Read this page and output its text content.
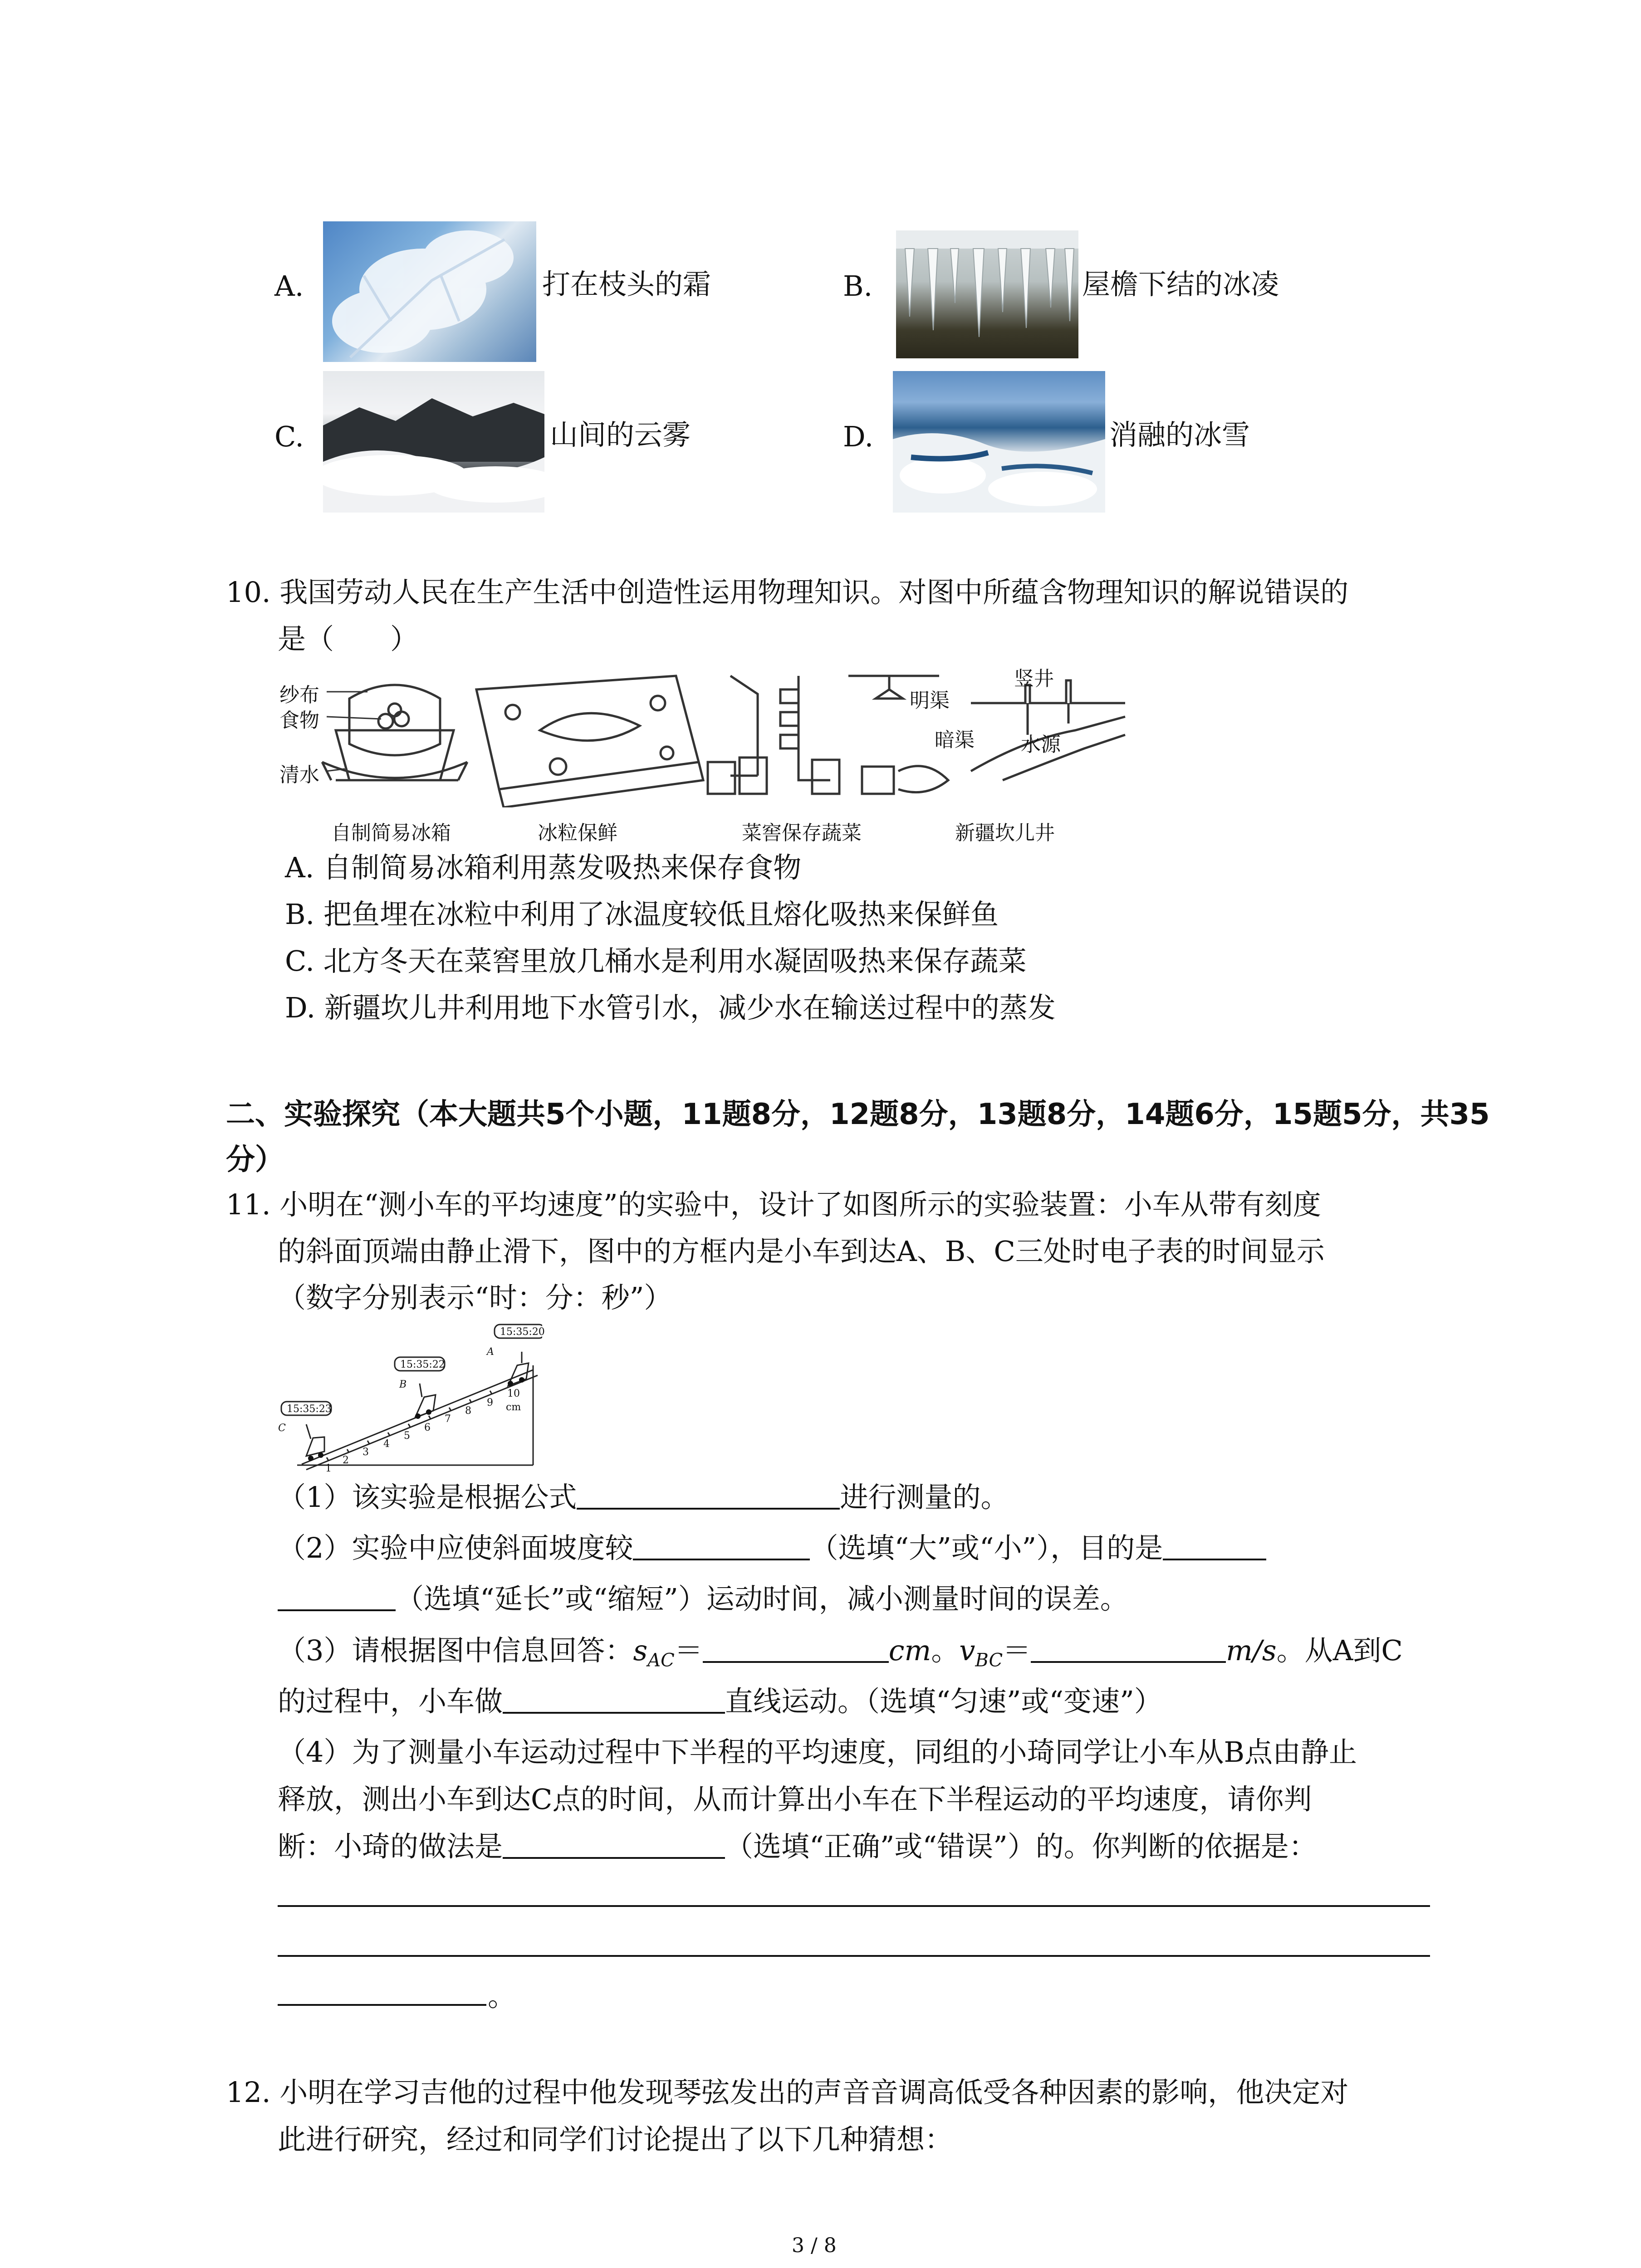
A.	打在枝头的霜	B.	屋檐下结的冰凌
C.	山间的云雾	D.	消融的冰雪
10. 我国劳动人民在生产生活中创造性运用物理知识。对图中所蕴含物理知识的解说错误的
是（　　）
纱布
食物
清水
明渠
竖井
暗渠 水源
自制简易冰箱	冰粒保鲜	菜窖保存蔬菜	新疆坎儿井
A. 自制简易冰箱利用蒸发吸热来保存食物
B. 把鱼埋在冰粒中利用了冰温度较低且熔化吸热来保鲜鱼
C. 北方冬天在菜窖里放几桶水是利用水凝固吸热来保存蔬菜
D. 新疆坎儿井利用地下水管引水，减少水在输送过程中的蒸发
二、实验探究（本大题共5个小题，11题8分，12题8分，13题8分，14题6分，15题5分，共35
分）
11. 小明在“测小车的平均速度”的实验中，设计了如图所示的实验装置：小车从带有刻度
的斜面顶端由静止滑下，图中的方框内是小车到达A、B、C三处时电子表的时间显示
（数字分别表示“时：分：秒”）
15:35:20
15:35:22
15:35:23
A
B
C
1
2
3
4
5
6
7
8
9
10
cm
（1）该实验是根据公式	进行测量的。
（2）实验中应使斜面坡度较	（选填“大”或“小”），目的是
（选填“延长”或“缩短”）运动时间，减小测量时间的误差。
（3）请根据图中信息回答：$s_{AC}=$	cm。$v_{BC}=$	m/s。从A到C
的过程中，小车做	直线运动。（选填“匀速”或“变速”）
（4）为了测量小车运动过程中下半程的平均速度，同组的小琦同学让小车从B点由静止
释放，测出小车到达C点的时间，从而计算出小车在下半程运动的平均速度，请你判
断：小琦的做法是	（选填“正确”或“错误”）的。你判断的依据是：
。
12. 小明在学习吉他的过程中他发现琴弦发出的声音音调高低受各种因素的影响，他决定对
此进行研究，经过和同学们讨论提出了以下几种猜想：
3 / 8
